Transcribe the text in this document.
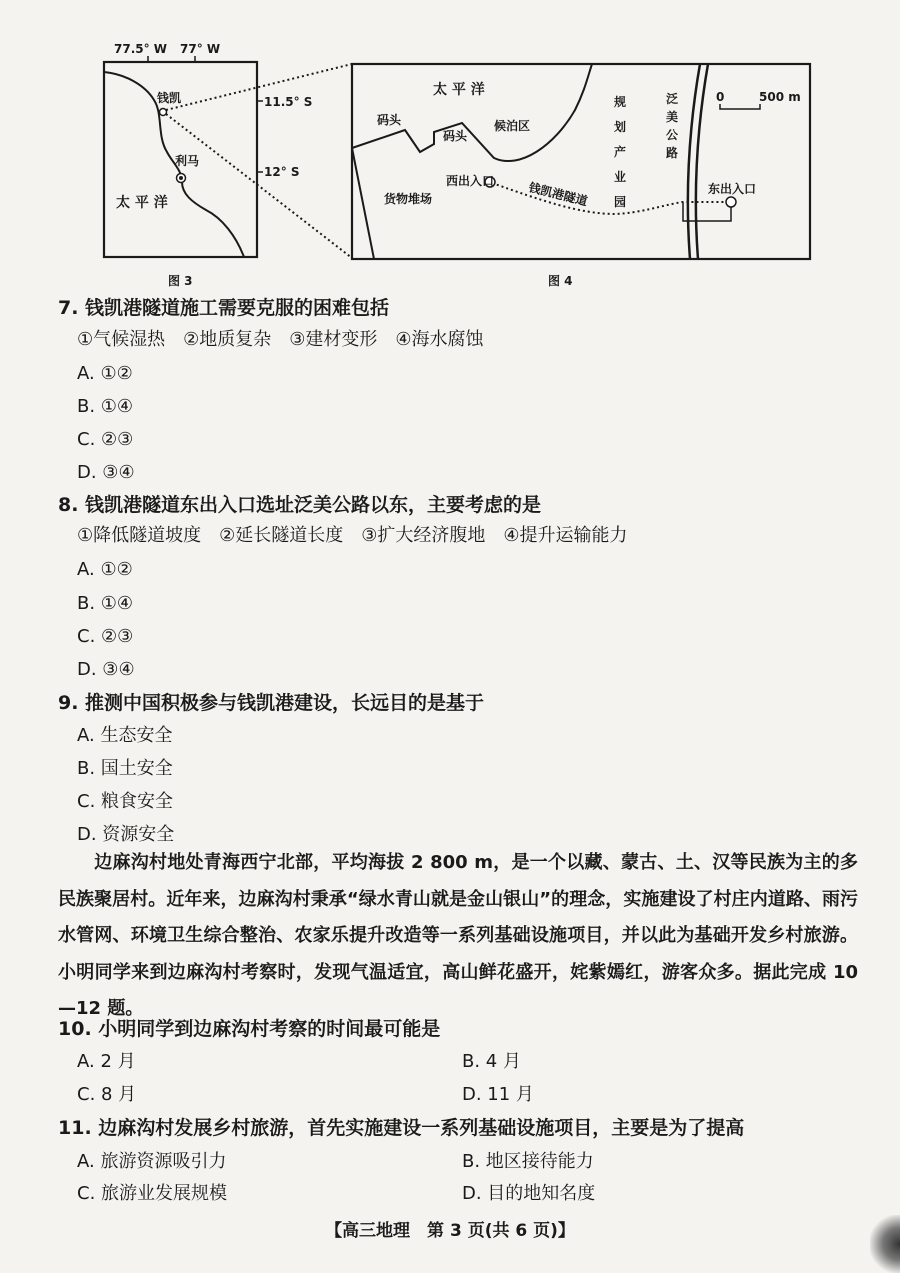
77.5° W 77° W
11.5° S
12° S
钱凯
利马
太 平 洋
图 3
太 平 洋
码头
码头
候泊区
货物堆场
西出入口	钱凯港隧道
规
划
产
业
园
泛
美
公
路
东出入口
0	500 m
图 4
7. 钱凯港隧道施工需要克服的困难包括
①气候湿热　②地质复杂　③建材变形　④海水腐蚀
A. ①②
B. ①④
C. ②③
D. ③④
8. 钱凯港隧道东出入口选址泛美公路以东，主要考虑的是
①降低隧道坡度　②延长隧道长度　③扩大经济腹地　④提升运输能力
A. ①②
B. ①④
C. ②③
D. ③④
9. 推测中国积极参与钱凯港建设，长远目的是基于
A. 生态安全
B. 国土安全
C. 粮食安全
D. 资源安全
边麻沟村地处青海西宁北部，平均海拔 2 800 m，是一个以藏、蒙古、土、汉等民族为主的多民族聚居村。近年来，边麻沟村秉承“绿水青山就是金山银山”的理念，实施建设了村庄内道路、雨污水管网、环境卫生综合整治、农家乐提升改造等一系列基础设施项目，并以此为基础开发乡村旅游。小明同学来到边麻沟村考察时，发现气温适宜，高山鲜花盛开，姹紫嫣红，游客众多。据此完成 10—12 题。
10. 小明同学到边麻沟村考察的时间最可能是
A. 2 月	B. 4 月
C. 8 月	D. 11 月
11. 边麻沟村发展乡村旅游，首先实施建设一系列基础设施项目，主要是为了提高
A. 旅游资源吸引力	B. 地区接待能力
C. 旅游业发展规模	D. 目的地知名度
【高三地理　第 3 页(共 6 页)】
